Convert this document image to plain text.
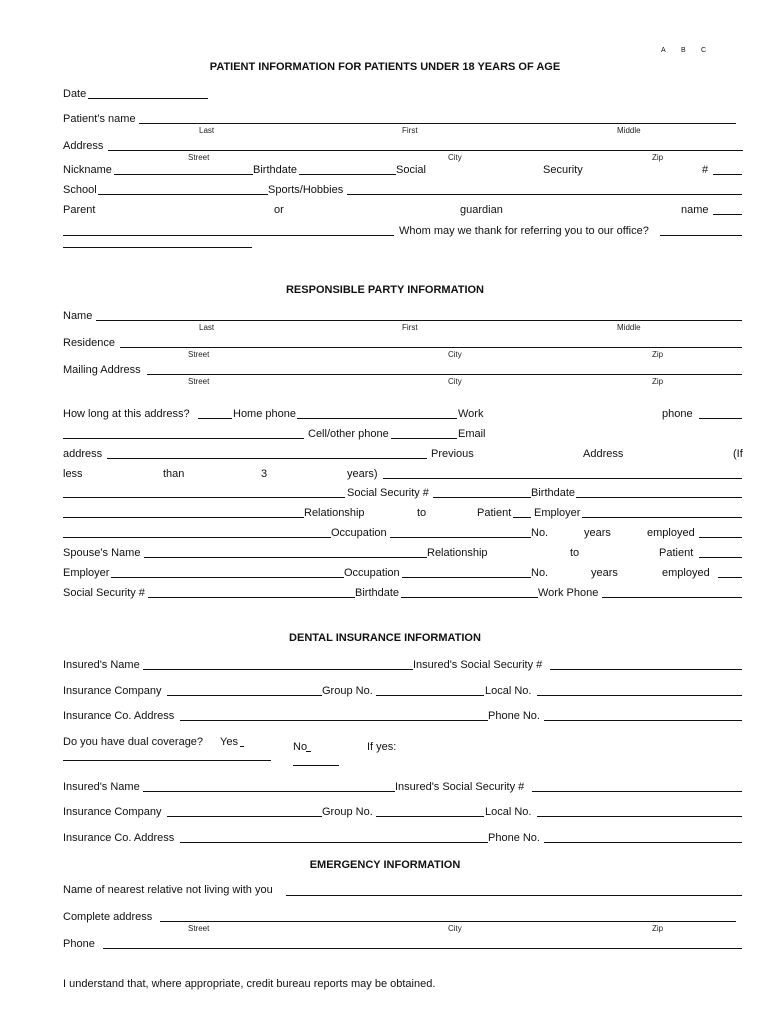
A B C
PATIENT INFORMATION FOR PATIENTS UNDER 18 YEARS OF AGE
Date
Patient’s name
Last	First	Middle
Address
Street	City	Zip
Nickname	Birthdate	Social	Security	#
School	Sports/Hobbies
Parent	or	guardian	name
Whom may we thank for referring you to our office?
RESPONSIBLE PARTY INFORMATION
Name
Last	First	Middle
Residence
Street	City	Zip
Mailing Address
Street	City	Zip
How long at this address?	Home phone	Work	phone
Cell/other phone	Email
address	Previous	Address	(If
less	than	3	years)
Social Security #	Birthdate
Relationship	to	Patient Employer
Occupation	No.	years	employed
Spouse’s Name	Relationship	to	Patient
Employer	Occupation	No.	years	employed
Social Security #	Birthdate	Work Phone
DENTAL INSURANCE INFORMATION
Insured's Name	Insured's Social Security #
Insurance Company	Group No.	Local No.
Insurance Co. Address	Phone No.
Do you have dual coverage? Yes	No	If yes:
Insured's Name	Insured's Social Security #
Insurance Company	Group No.	Local No.
Insurance Co. Address	Phone No.
EMERGENCY INFORMATION
Name of nearest relative not living with you
Complete address
Street	City	Zip
Phone
I understand that, where appropriate, credit bureau reports may be obtained.
